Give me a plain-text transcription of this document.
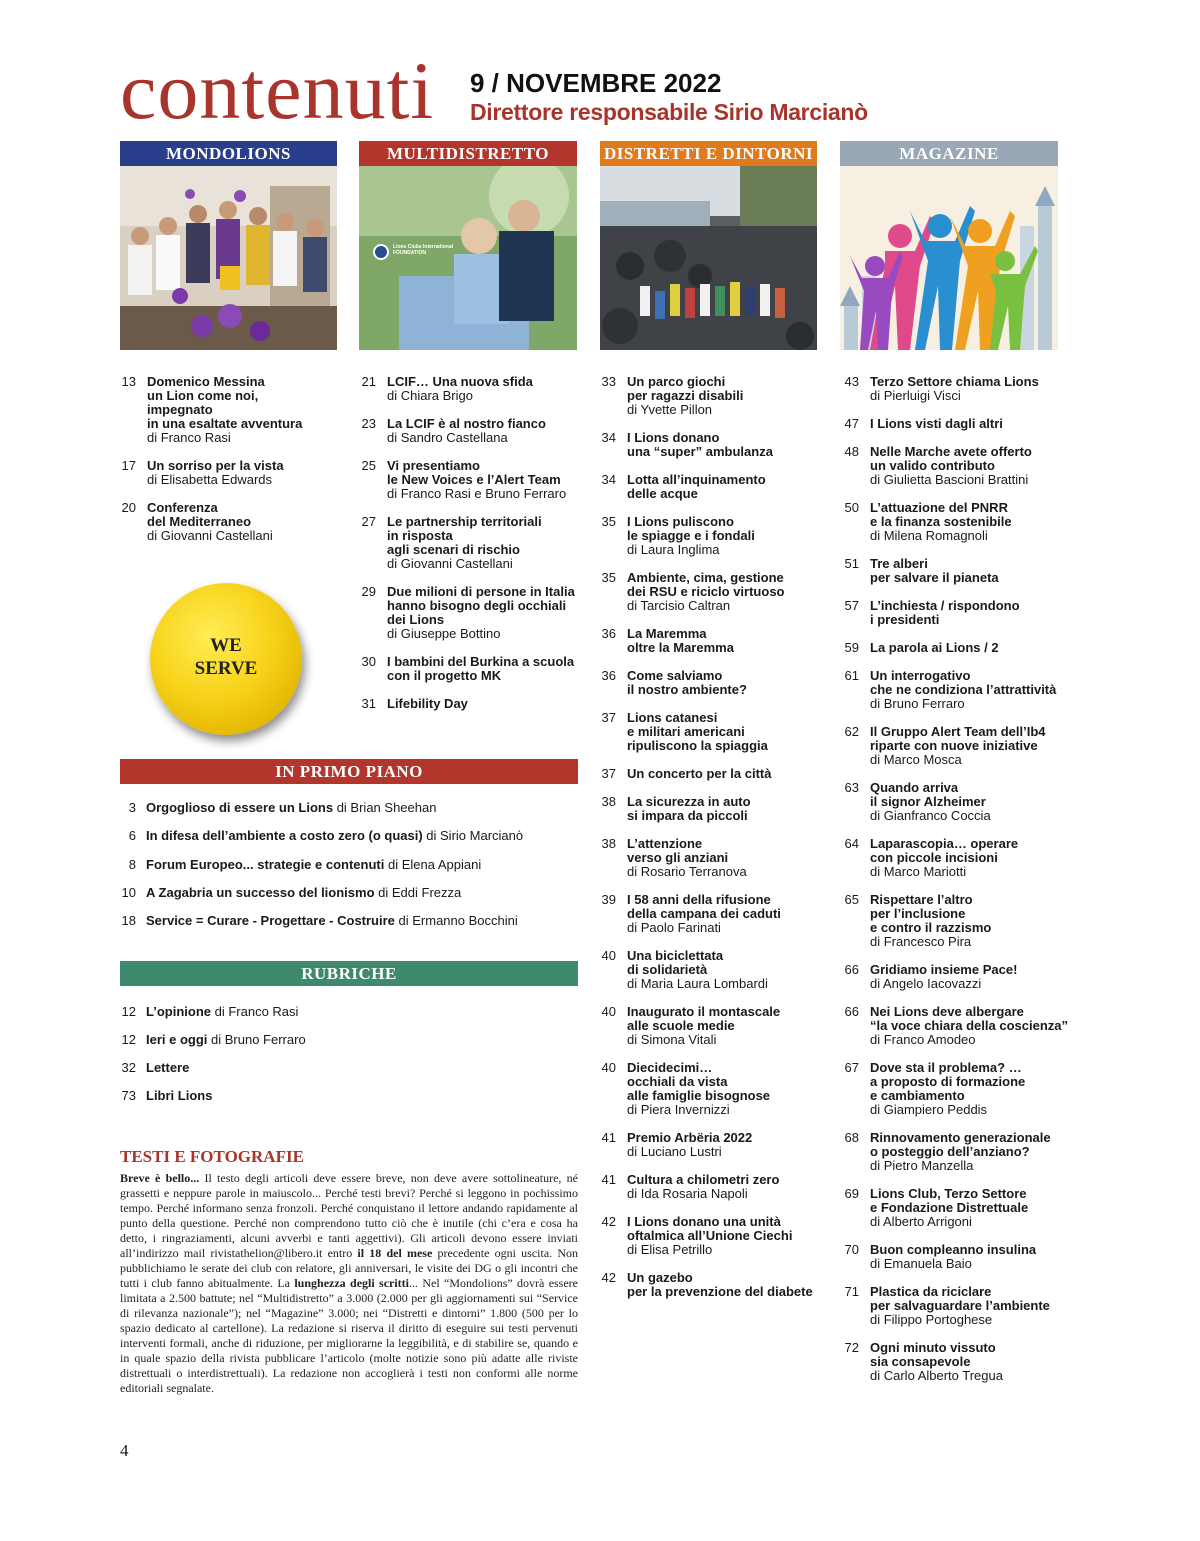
contenuti 9 / NOVEMBRE 2022
Direttore responsabile Sirio Marcianò
MONDOLIONS	MULTIDISTRETTO	DISTRETTI E DINTORNI	MAGAZINE
Lions Clubs International FOUNDATION
WE
SERVE
13 Domenico Messina
un Lion come noi,
impegnato
in una esaltate avventura
di Franco Rasi
17 Un sorriso per la vista
di Elisabetta Edwards
20 Conferenza
del Mediterraneo
di Giovanni Castellani
21 LCIF… Una nuova sfida
di Chiara Brigo
23 La LCIF è al nostro fianco
di Sandro Castellana
25 Vi presentiamo
le New Voices e l’Alert Team
di Franco Rasi e Bruno Ferraro
27 Le partnership territoriali
in risposta
agli scenari di rischio
di Giovanni Castellani
29 Due milioni di persone in Italia
hanno bisogno degli occhiali
dei Lions
di Giuseppe Bottino
30 I bambini del Burkina a scuola
con il progetto MK
31 Lifebility Day
33 Un parco giochi
per ragazzi disabili
di Yvette Pillon
34 I Lions donano
una “super” ambulanza
34 Lotta all’inquinamento
delle acque
35 I Lions puliscono
le spiagge e i fondali
di Laura Inglima
35 Ambiente, cima, gestione
dei RSU e riciclo virtuoso
di Tarcisio Caltran
36 La Maremma
oltre la Maremma
36 Come salviamo
il nostro ambiente?
37 Lions catanesi
e militari americani
ripuliscono la spiaggia
37 Un concerto per la città
38 La sicurezza in auto
si impara da piccoli
38 L’attenzione
verso gli anziani
di Rosario Terranova
39 I 58 anni della rifusione
della campana dei caduti
di Paolo Farinati
40 Una biciclettata
di solidarietà
di Maria Laura Lombardi
40 Inaugurato il montascale
alle scuole medie
di Simona Vitali
40 Diecidecimi…
occhiali da vista
alle famiglie bisognose
di Piera Invernizzi
41 Premio Arbëria 2022
di Luciano Lustri
41 Cultura a chilometri zero
di Ida Rosaria Napoli
42 I Lions donano una unità
oftalmica all’Unione Ciechi
di Elisa Petrillo
42 Un gazebo
per la prevenzione del diabete
43 Terzo Settore chiama Lions
di Pierluigi Visci
47 I Lions visti dagli altri
48 Nelle Marche avete offerto
un valido contributo
di Giulietta Bascioni Brattini
50 L’attuazione del PNRR
e la finanza sostenibile
di Milena Romagnoli
51 Tre alberi
per salvare il pianeta
57 L’inchiesta / rispondono
i presidenti
59 La parola ai Lions / 2
61 Un interrogativo
che ne condiziona l’attrattività
di Bruno Ferraro
62 Il Gruppo Alert Team dell’Ib4
riparte con nuove iniziative
di Marco Mosca
63 Quando arriva
il signor Alzheimer
di Gianfranco Coccia
64 Laparascopia… operare
con piccole incisioni
di Marco Mariotti
65 Rispettare l’altro
per l’inclusione
e contro il razzismo
di Francesco Pira
66 Gridiamo insieme Pace!
di Angelo Iacovazzi
66 Nei Lions deve albergare
“la voce chiara della coscienza”
di Franco Amodeo
67 Dove sta il problema? …
a proposto di formazione
e cambiamento
di Giampiero Peddis
68 Rinnovamento generazionale
o posteggio dell’anziano?
di Pietro Manzella
69 Lions Club, Terzo Settore
e Fondazione Distrettuale
di Alberto Arrigoni
70 Buon compleanno insulina
di Emanuela Baio
71 Plastica da riciclare
per salvaguardare l’ambiente
di Filippo Portoghese
72 Ogni minuto vissuto
sia consapevole
di Carlo Alberto Tregua
IN PRIMO PIANO
3 Orgoglioso di essere un Lions di Brian Sheehan
6 In difesa dell’ambiente a costo zero (o quasi) di Sirio Marcianò
8 Forum Europeo... strategie e contenuti di Elena Appiani
10 A Zagabria un successo del lionismo di Eddi Frezza
18 Service = Curare - Progettare - Costruire di Ermanno Bocchini
RUBRICHE
12 L’opinione di Franco Rasi
12 Ieri e oggi di Bruno Ferraro
32 Lettere
73 Libri Lions
TESTI E FOTOGRAFIE
Breve è bello... Il testo degli articoli deve essere breve, non deve avere sottolineature, né grassetti e neppure parole in maiuscolo... Perché testi brevi? Perché si leggono in pochissimo tempo. Perché informano senza fronzoli. Perché conquistano il lettore andando rapidamente al punto della questione. Perché non comprendono tutto ciò che è inutile (chi c’era e cosa ha detto, i ringraziamenti, alcuni avverbi e tanti aggettivi). Gli articoli devono essere inviati all’indirizzo mail rivistathelion@libero.it entro il 18 del mese precedente ogni uscita. Non pubblichiamo le serate dei club con relatore, gli anniversari, le visite dei DG o gli incontri che tutti i club fanno abitualmente. La lunghezza degli scritti... Nel “Mondolions” dovrà essere limitata a 2.500 battute; nel “Multidistretto” a 3.000 (2.000 per gli aggiornamenti sui “Service di rilevanza nazionale”); nel “Magazine” 3.000; nei “Distretti e dintorni” 1.800 (500 per lo spazio dedicato al cartellone). La redazione si riserva il diritto di eseguire sui testi pervenuti interventi formali, anche di riduzione, per migliorarne la leggibilità, e di stabilire se, quando e in quale spazio della rivista pubblicare l’articolo (molte notizie sono più adatte alle riviste distrettuali o interdistrettuali). La redazione non accoglierà i testi non conformi alle norme editoriali segnalate.
4
